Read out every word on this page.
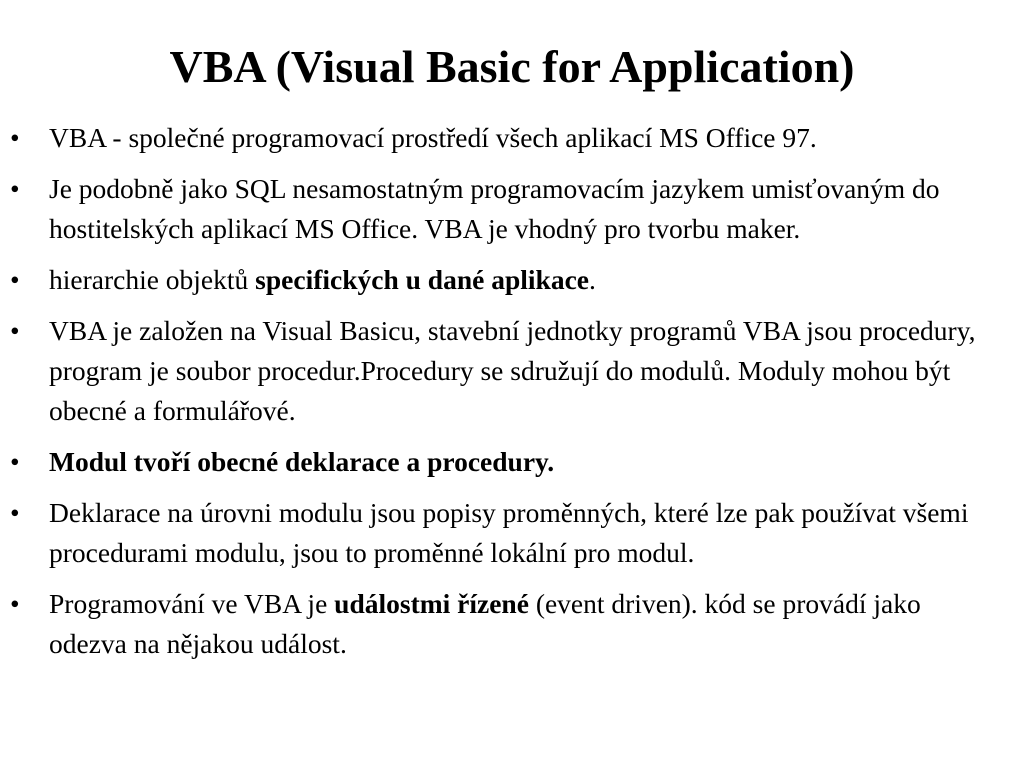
VBA (Visual Basic for Application)
•	VBA - společné programovací prostředí všech aplikací MS Office 97.
•	Je podobně jako SQL nesamostatným programovacím jazykem umisťovaným do hostitelských aplikací MS Office. VBA je vhodný pro tvorbu maker.
•	hierarchie objektů specifických u dané aplikace.
•	VBA je založen na Visual Basicu, stavební jednotky programů VBA jsou procedury, program je soubor procedur.Procedury se sdružují do modulů. Moduly mohou být obecné a formulářové.
•	Modul tvoří obecné deklarace a procedury.
•	Deklarace na úrovni modulu jsou popisy proměnných, které lze pak používat všemi procedurami modulu, jsou to proměnné lokální pro modul.
•	Programování ve VBA je událostmi řízené (event driven). kód se provádí jako odezva na nějakou událost.
